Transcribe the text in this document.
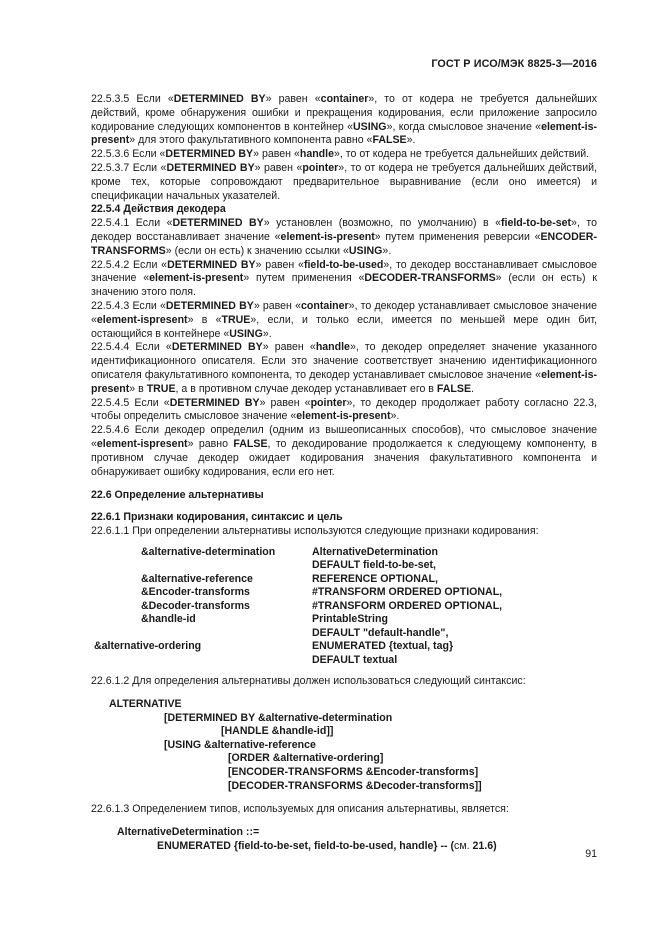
ГОСТ Р ИСО/МЭК 8825-3—2016

22.5.3.5 Если «DETERMINED BY» равен «container», то от кодера не требуется дальнейших действий, кроме обнаружения ошибки и прекращения кодирования, если приложение запросило кодирование следующих компонентов в контейнер «USING», когда смысловое значение «element-is-present» для этого факультативного компонента равно «FALSE».

22.5.3.6 Если «DETERMINED BY» равен «handle», то от кодера не требуется дальнейших действий.

22.5.3.7 Если «DETERMINED BY» равен «pointer», то от кодера не требуется дальнейших действий, кроме тех, которые сопровождают предварительное выравнивание (если оно имеется) и спецификации начальных указателей.

22.5.4 Действия декодера

22.5.4.1 Если «DETERMINED BY» установлен (возможно, по умолчанию) в «field-to-be-set», то декодер восстанавливает значение «element-is-present» путем применения реверсии «ENCODER-TRANSFORMS» (если он есть) к значению ссылки «USING».

22.5.4.2 Если «DETERMINED BY» равен «field-to-be-used», то декодер восстанавливает смысловое значение «element-is-present» путем применения «DECODER-TRANSFORMS» (если он есть) к значению этого поля.

22.5.4.3 Если «DETERMINED BY» равен «container», то декодер устанавливает смысловое значение «element-ispresent» в «TRUE», если, и только если, имеется по меньшей мере один бит, остающийся в контейнере «USING».

22.5.4.4 Если «DETERMINED BY» равен «handle», то декодер определяет значение указанного идентификационного описателя. Если это значение соответствует значению идентификационного описателя факультативного компонента, то декодер устанавливает смысловое значение «element-is-present» в TRUE, а в противном случае декодер устанавливает его в FALSE.

22.5.4.5 Если «DETERMINED BY» равен «pointer», то декодер продолжает работу согласно 22.3, чтобы определить смысловое значение «element-is-present».

22.5.4.6 Если декодер определил (одним из вышеописанных способов), что смысловое значение «element-ispresent» равно FALSE, то декодирование продолжается к следующему компоненту, в противном случае декодер ожидает кодирования значения факультативного компонента и обнаруживает ошибку кодирования, если его нет.

22.6 Определение альтернативы

22.6.1 Признаки кодирования, синтаксис и цель

22.6.1.1 При определении альтернативы используются следующие признаки кодирования:

&alternative-determination	AlternativeDetermination
DEFAULT field-to-be-set,
&alternative-reference	REFERENCE OPTIONAL,
&Encoder-transforms	#TRANSFORM ORDERED OPTIONAL,
&Decoder-transforms	#TRANSFORM ORDERED OPTIONAL,
&handle-id	PrintableString
DEFAULT "default-handle",
&alternative-ordering	ENUMERATED {textual, tag}
DEFAULT textual

22.6.1.2 Для определения альтернативы должен использоваться следующий синтаксис:

ALTERNATIVE
[DETERMINED BY &alternative-determination
[HANDLE &handle-id]]
[USING &alternative-reference
[ORDER &alternative-ordering]
[ENCODER-TRANSFORMS &Encoder-transforms]
[DECODER-TRANSFORMS &Decoder-transforms]]

22.6.1.3 Определением типов, используемых для описания альтернативы, является:

AlternativeDetermination ::=
ENUMERATED {field-to-be-set, field-to-be-used, handle} -- (см. 21.6)
91
